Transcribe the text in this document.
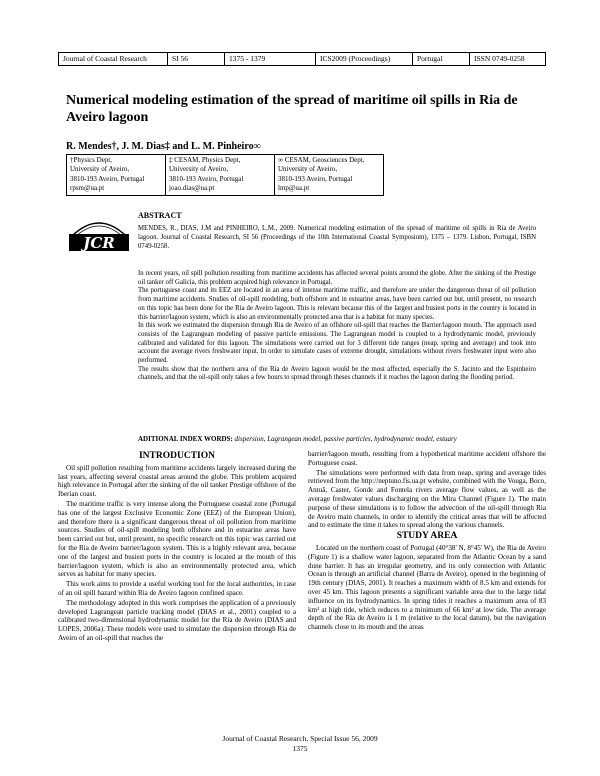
Journal of Coastal Research	SI 56	1375 - 1379	ICS2009 (Proceedings)	Portugal	ISSN 0749-0258
Numerical modeling estimation of the spread of maritime oil spills in Ria de Aveiro lagoon
R. Mendes†, J. M. Dias‡ and L. M. Pinheiro∞
†Physics Dept,
University of Aveiro,
3810-193 Aveiro, Portugal
rpsm@ua.pt
‡ CESAM, Physics Dept,
University of Aveiro,
3810-193 Aveiro, Portugal
joao.dias@ua.pt
∞ CESAM, Geosciences Dept,
University of Aveiro,
3810-193 Aveiro, Portugal
lmp@ua.pt
JCR
ABSTRACT
MENDES, R., DIAS, J.M and PINHEIRO, L.M., 2009. Numerical modeling estimation of the spread of maritime oil spills in Ria de Aveiro lagoon. Journal of Coastal Research, SI 56 (Proceedings of the 10th International Coastal Symposium), 1375 – 1379. Lisbon, Portugal, ISBN 0749-0258.

In recent years, oil spill pollution resulting from maritime accidents has affected several points around the globe. After the sinking of the Prestige oil tanker off Galicia, this problem acquired high relevance in Portugal.

The portuguese coast and its EEZ are located in an area of intense maritime traffic, and therefore are under the dangerous threat of oil pollution from maritime accidents. Studies of oil-spill modeling, both offshore and in estuarine areas, have been carried out but, until present, no research on this topic has been done for the Ria de Aveiro lagoon. This is relevant because this of the largest and busiest ports in the country is located in this barrier/lagoon system, which is also an environmentally protected area that is a habitat for many species.

In this work we estimated the dispersion through Ria de Aveiro of an offshore oil-spill that reaches the Barrier/lagoon mouth. The approach used consists of the Lagrangean modeling of passive particle emissions. The Lagrangean model is coupled to a hydrodynamic model, previously calibrated and validated for this lagoon. The simulations were carried out for 3 different tide ranges (neap, spring and average) and took into account the average rivers freshwater input. In order to simulate cases of extreme drought, simulations without rivers freshwater input were also performed.

The results show that the northern area of the Ria de Aveiro lagoon would be the most affected, especially the S. Jacinto and the Espinheiro channels, and that the oil-spill only takes a few hours to spread through theses channels if it reaches the lagoon during the flooding period.

ADITIONAL INDEX WORDS: dispersion, Lagrangean model, passive particles, hydrodynamic model, estuary
INTRODUCTION

Oil spill pollution resulting from maritime accidents largely increased during the last years, affecting several coastal areas around the globe. This problem acquired high relevance in Portugal after the sinking of the oil tanker Prestige offshore of the Iberian coast.

The maritime traffic is very intense along the Portuguese coastal zone (Portugal has one of the largest Exclusive Economic Zone (EEZ) of the European Union), and therefore there is a significant dangerous threat of oil pollution from maritime sources. Studies of oil-spill modeling both offshore and in estuarine areas have been carried out but, until present, no specific research on this topic was carried out for the Ria de Aveiro barrier/lagoon system. This is a highly relevant area, because one of the largest and busiest ports in the country is located at the mouth of this barrier/lagoon system, which is also an environmentally protected area, which serves as habitat for many species.

This work aims to provide a useful working tool for the local authorities, in case of an oil spill hazard within Ria de Aveiro lagoon confined space.

The methodology adopted in this work comprises the application of a previously developed Lagrangean particle tracking model (DIAS et al., 2001) coupled to a calibrated two-dimensional hydrodynamic model for the Ria de Aveiro (DIAS and LOPES, 2006a). These models were used to simulate the dispersion through Ria de Aveiro of an oil-spill that reaches the

barrier/lagoon mouth, resulting from a hypothetical maritime accident offshore the Portuguese coast.

The simulations were performed with data from neap, spring and average tides retrieved from the http://neptuno.fis.ua.pt website, combined with the Vouga, Boco, Antuã, Caster, Gonde and Fontela rivers average flow values, as well as the average freshwater values discharging on the Mira Channel (Figure 1). The main purpose of these simulations is to follow the advection of the oil-spill through Ria de Aveiro main channels, in order to identify the critical areas that will be affected and to estimate the time it takes to spread along the various channels.

STUDY AREA

Located on the northern coast of Portugal (40°38' N, 8°45' W), the Ria de Aveiro (Figure 1) is a shallow water lagoon, separated from the Atlantic Ocean by a sand dune barrier. It has an irregular geometry, and its only connection with Atlantic Ocean is through an artificial channel (Barra de Aveiro), opened in the beginning of 19th century (DIAS, 2001). It reaches a maximum width of 8.5 km and extends for over 45 km. This lagoon presents a significant variable area due to the large tidal influence on its hydrodynamics. In spring tides it reaches a maximum area of 83 km² at high tide, which reduces to a minimum of 66 km² at low tide. The average depth of the Ria de Aveiro is 1 m (relative to the local datum), but the navigation channels close to its mouth and the areas

Journal of Coastal Research, Special Issue 56, 2009
1375
